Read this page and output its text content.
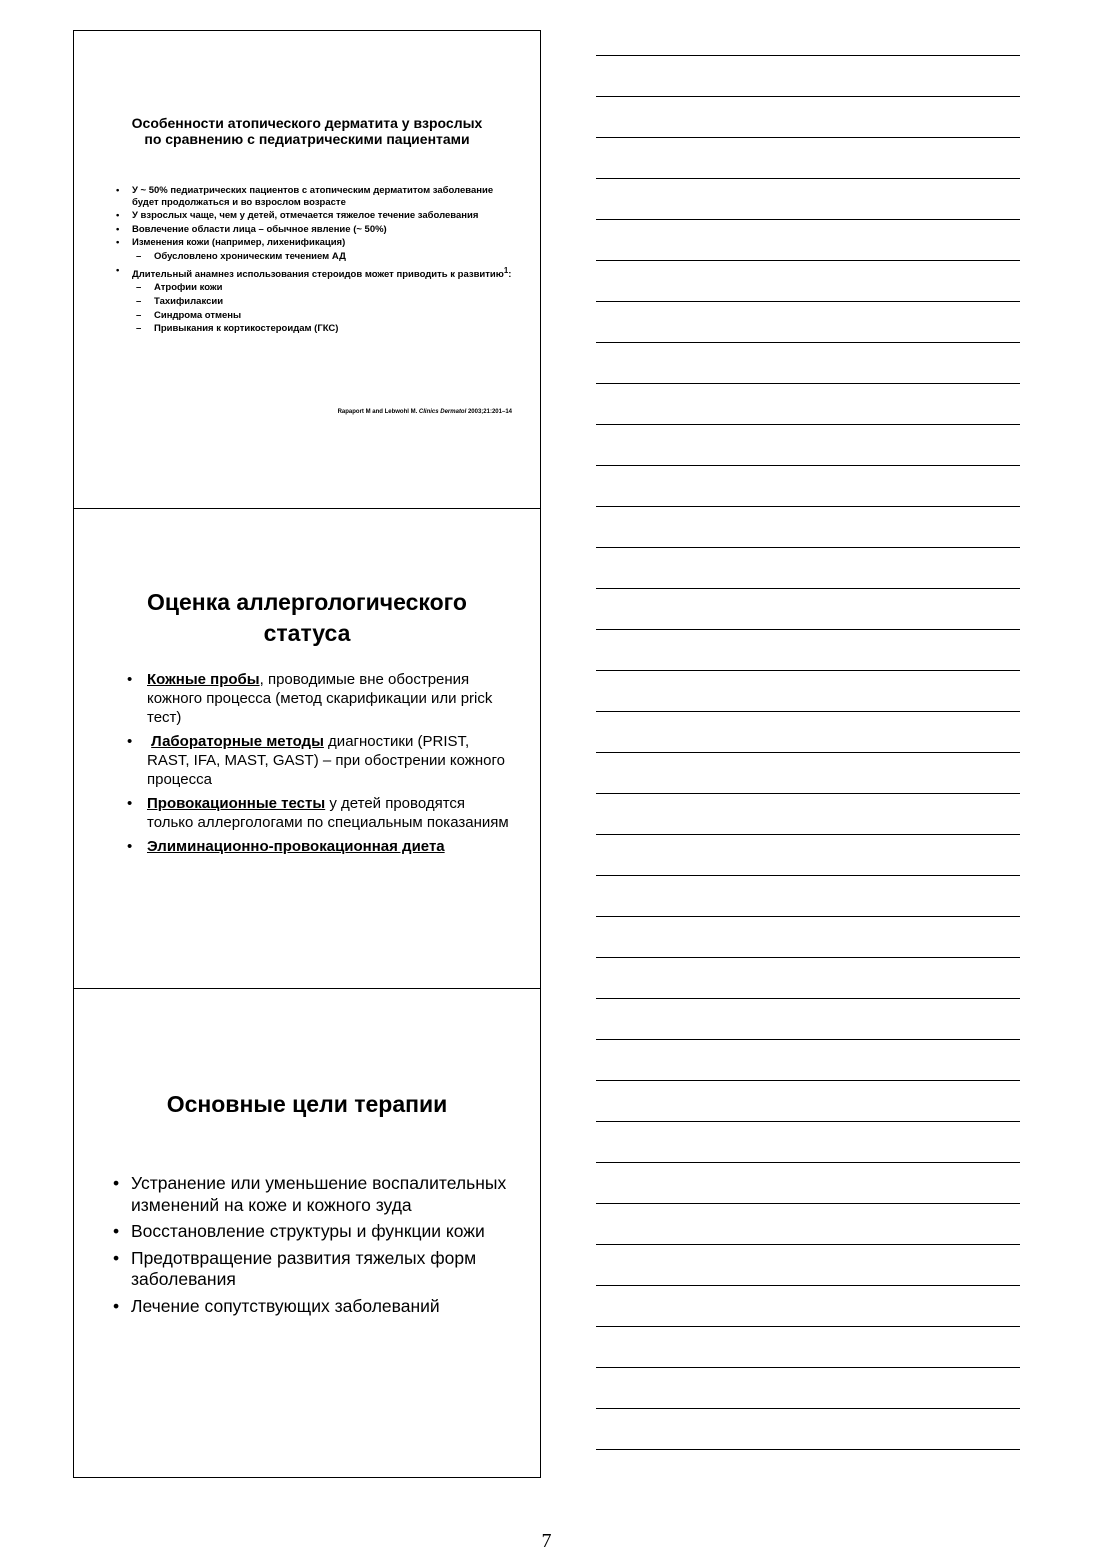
Особенности атопического дерматита у взрослых
по сравнению с педиатрическими пациентами
• У ~ 50% педиатрических пациентов с атопическим дерматитом заболевание будет продолжаться и во взрослом возрасте
• У взрослых чаще, чем у детей, отмечается тяжелое течение заболевания
• Вовлечение области лица – обычное явление (~ 50%)
• Изменения кожи (например, лихенификация)
– Обусловлено хроническим течением АД
• Длительный анамнез использования стероидов может приводить к развитию$^1$:
– Атрофии кожи
– Тахифилаксии
– Синдрома отмены
– Привыкания к кортикостероидам (ГКС)
Rapaport M and Lebwohl M. Clinics Dermatol 2003;21:201–14
Оценка аллергологического
статуса
• Кожные пробы, проводимые вне обострения кожного процесса (метод скарификации или prick тест)
• Лабораторные методы диагностики (PRIST, RAST, IFA, MAST, GAST) – при обострении кожного процесса
• Провокационные тесты у детей проводятся только аллергологами по специальным показаниям
• Элиминационно-провокационная диета
Основные цели терапии
• Устранение или уменьшение воспалительных изменений на коже и кожного зуда
• Восстановление структуры и функции кожи
• Предотвращение развития тяжелых форм заболевания
• Лечение сопутствующих заболеваний
7
